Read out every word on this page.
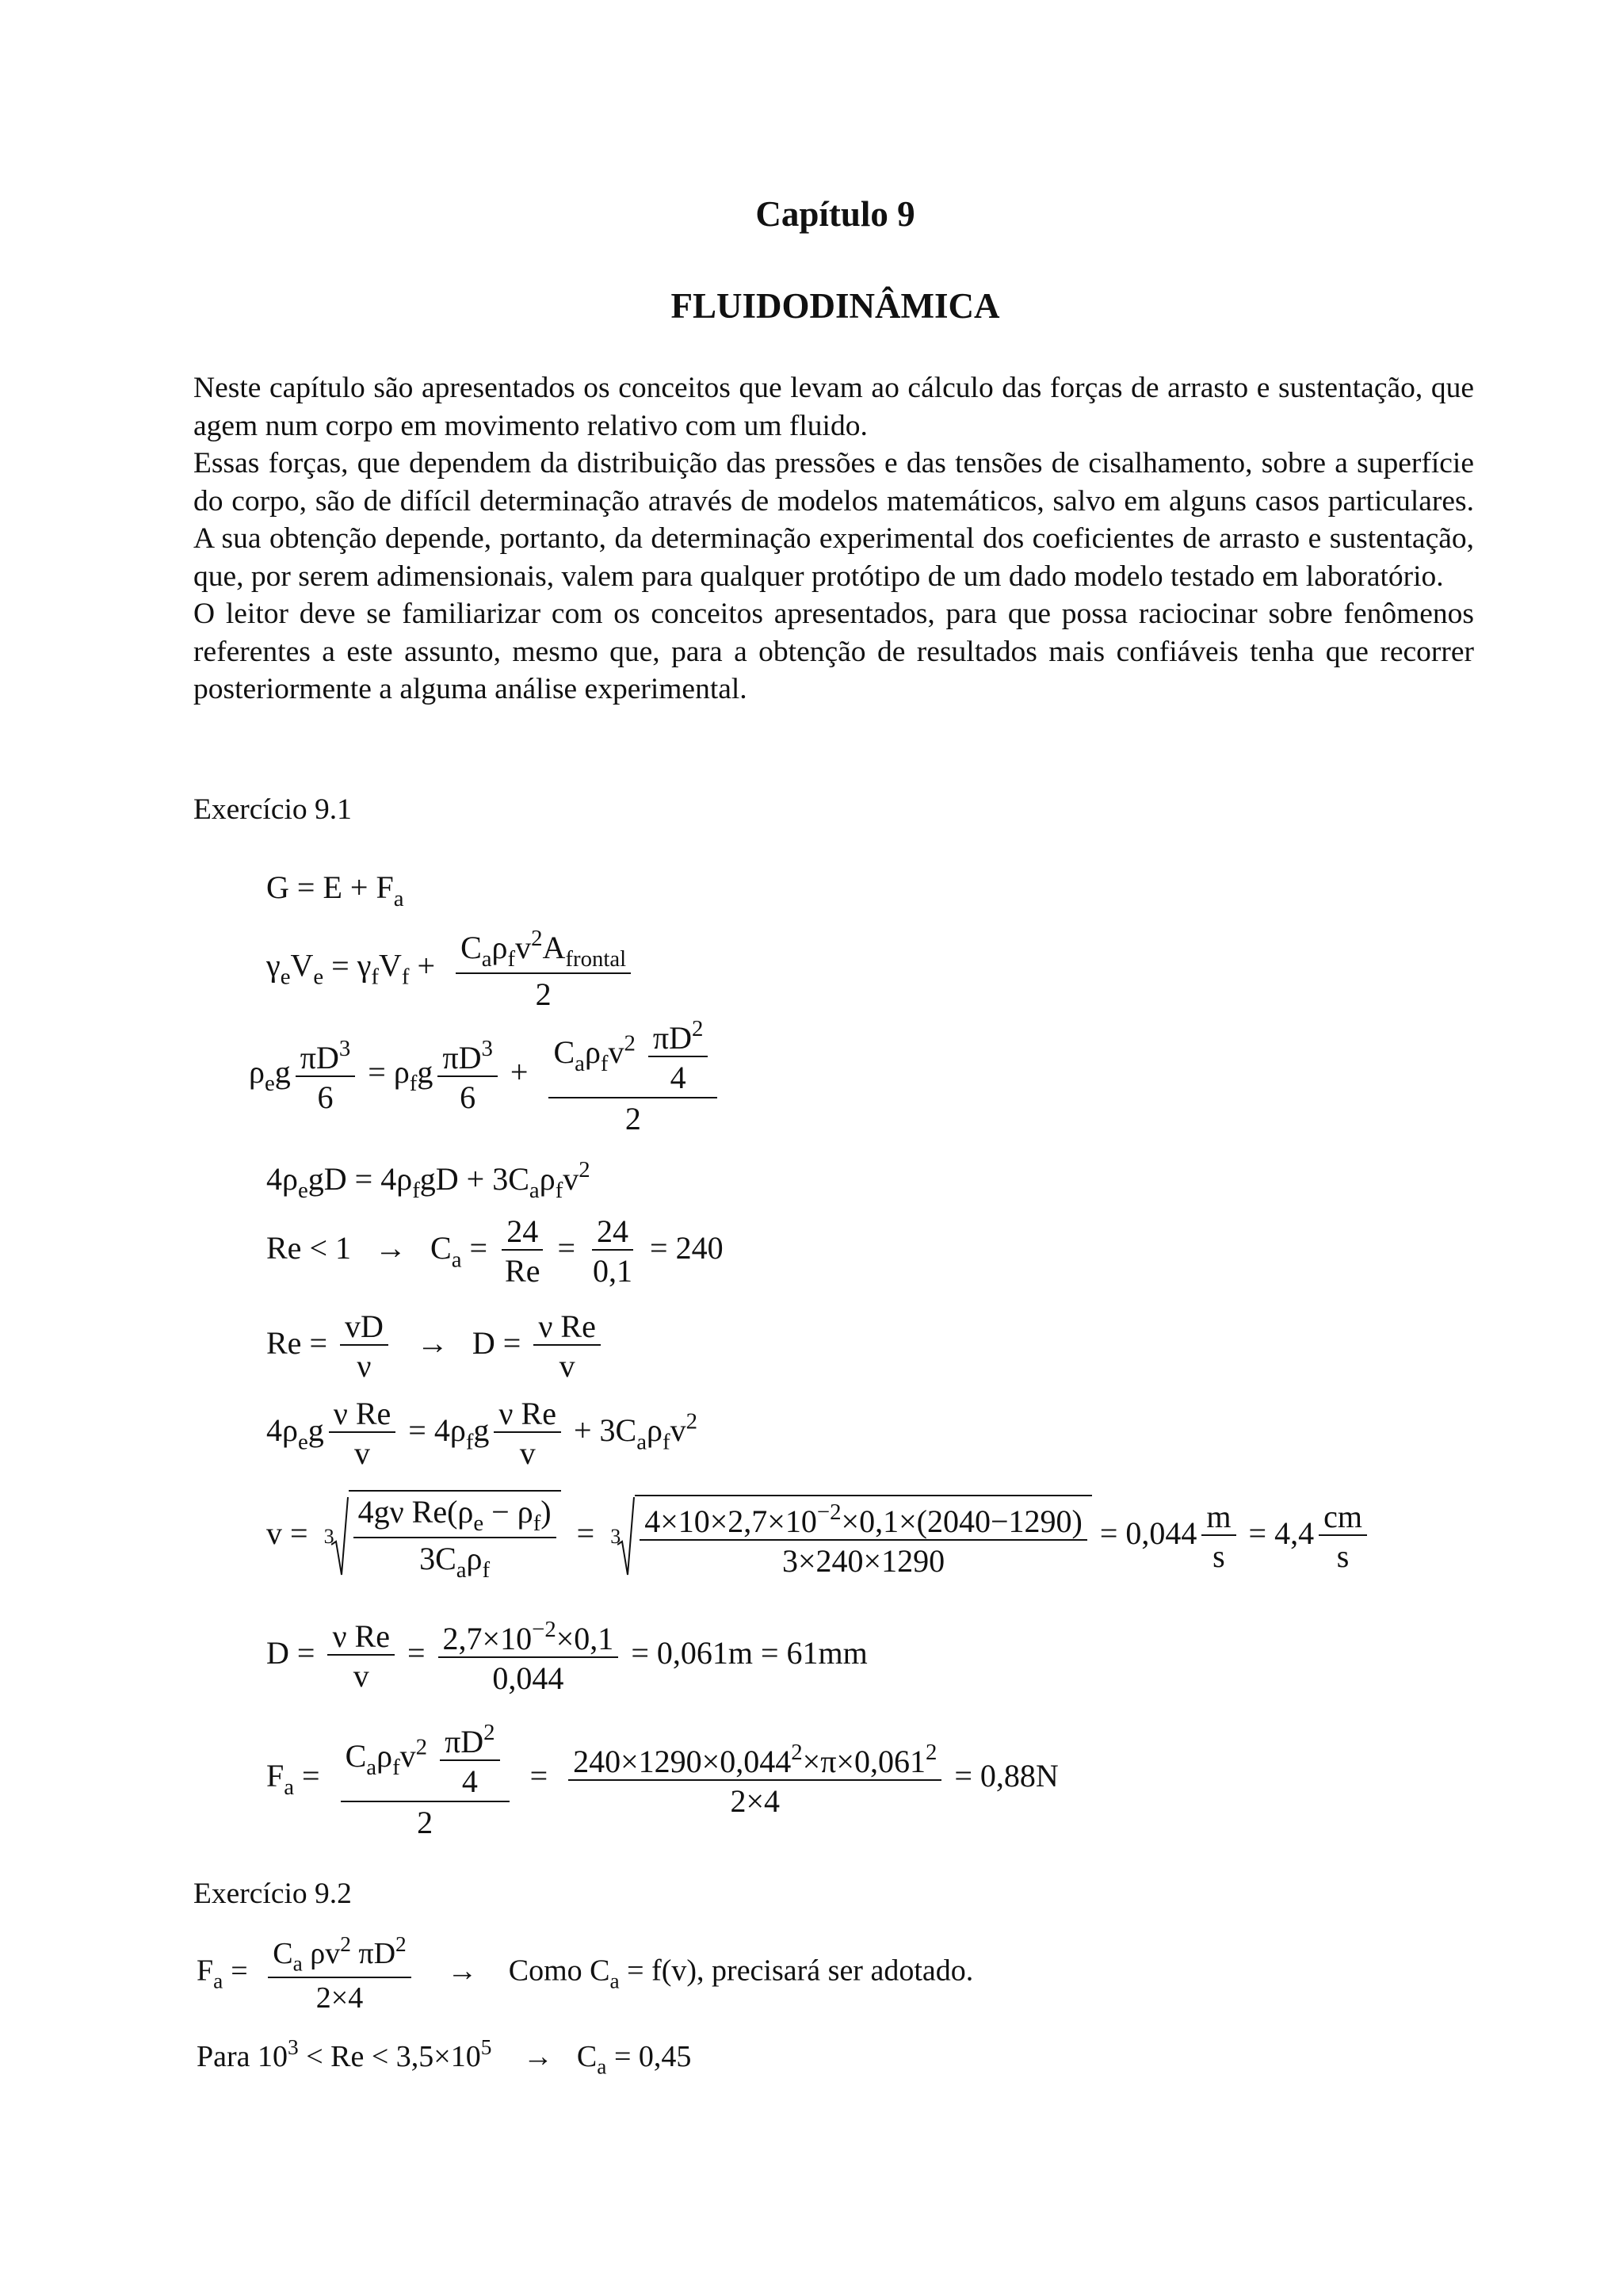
Capítulo 9
FLUIDODINÂMICA

Neste capítulo são apresentados os conceitos que levam ao cálculo das forças de arrasto e sustentação, que agem num corpo em movimento relativo com um fluido.

Essas forças, que dependem da distribuição das pressões e das tensões de cisalhamento, sobre a superfície do corpo, são de difícil determinação através de modelos matemáticos, salvo em alguns casos particulares. A sua obtenção depende, portanto, da determinação experimental dos coeficientes de arrasto e sustentação, que, por serem adimensionais, valem para qualquer protótipo de um dado modelo testado em laboratório.

O leitor deve se familiarizar com os conceitos apresentados, para que possa raciocinar sobre fenômenos referentes a este assunto, mesmo que, para a obtenção de resultados mais confiáveis tenha que recorrer posteriormente a alguma análise experimental.

Exercício 9.1
$G = E + F_a$
$\gamma_eV_e = \gamma_fV_f$ +
$C_a\rho_fv^2A_{frontal}$
2
$\rho_eg \frac{\pi D^3}{6} = \rho_fg \frac{\pi D^3}{6}$ +
$C_a\rho_fv^2 \frac{\pi D^2}{4}$
2
$4\rho_egD = 4\rho_fgD + 3C_a\rho_fv^2$
$Re < 1 \to C_a = \frac{24}{Re} = \frac{24}{0,1} = 240$
$Re = \frac{vD}{\nu} \to D = \frac{\text{ν Re}}{v}$
$4\rho_eg \frac{\text{ν Re}}{v} = 4\rho_fg \frac{\text{ν Re}}{v} + 3C_a\rho_fv^2$
v = 3
4gν $Re(\rho_e - \rho_f)$
$3C_a\rho_f$
= 3 $4\times 10\times 2,7\times 10^{-2}\times 0,1\times(2040-1290)$
3×240×1290
= $0,044 \frac{m}{s} = 4,4 \frac{cm}{s}$
$D = \frac{\text{ν Re}}{v} = \frac{2,7\times 10^{-2}\times 0,1}{0,044} = 0,061m = 61mm$
$F_a$ =
$C_a\rho_fv^2 \frac{\pi D^2}{4}$
2
= $\frac{240\times 1290\times 0,044^2\times\pi\times 0,061^2}{2\times 4} = 0,88N$
Exercício 9.2
$F_a = \frac{C_a \rho v^2 \pi D^2}{2\times 4}$ → Como $C_a = f(v)$, precisará ser adotado.
Para $10^3 < Re < 3,5\times 10^5 \to C_a = 0,45$
